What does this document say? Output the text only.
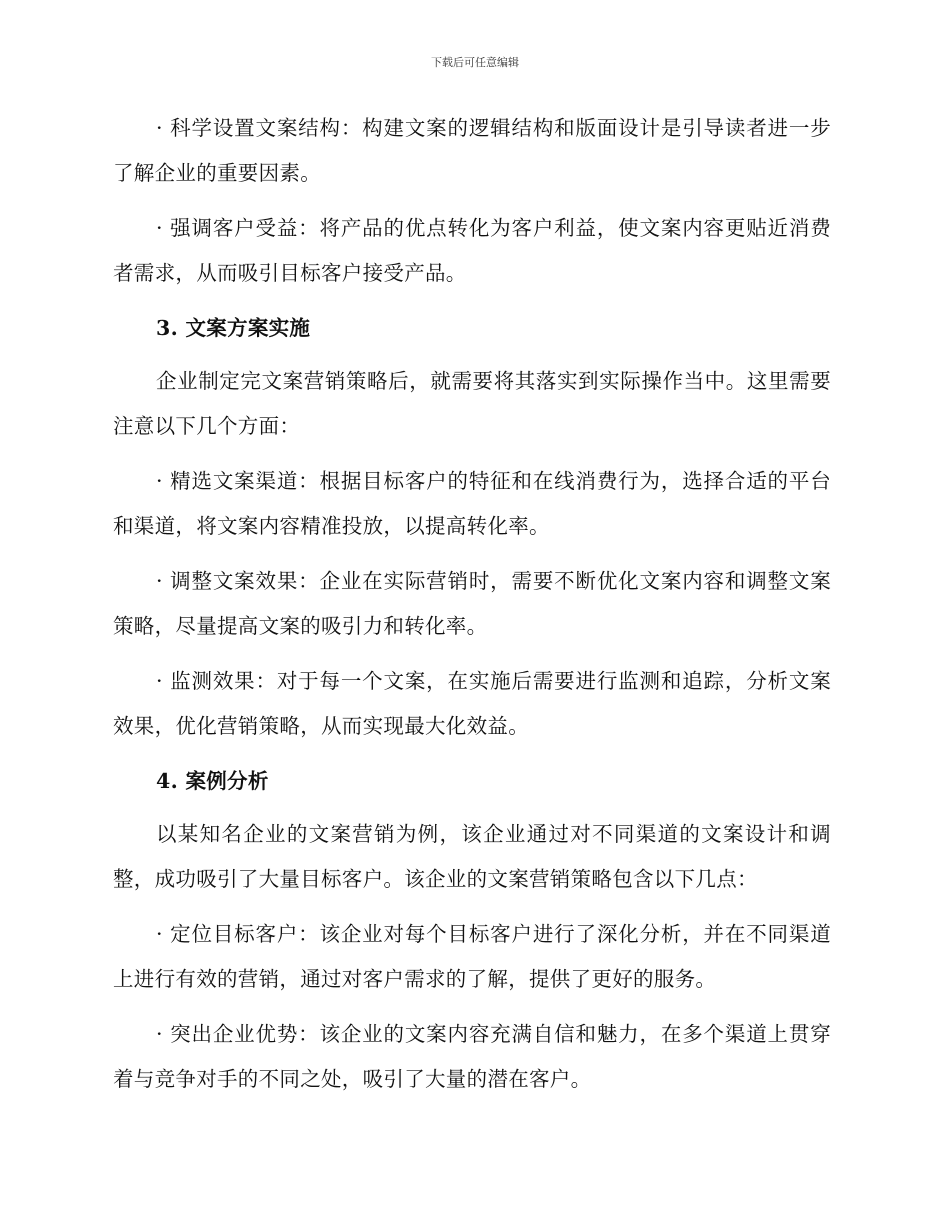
下载后可任意编辑

· 科学设置文案结构：构建文案的逻辑结构和版面设计是引导读者进一步了解企业的重要因素。

· 强调客户受益：将产品的优点转化为客户利益，使文案内容更贴近消费者需求，从而吸引目标客户接受产品。

3. 文案方案实施

企业制定完文案营销策略后，就需要将其落实到实际操作当中。这里需要注意以下几个方面：

· 精选文案渠道：根据目标客户的特征和在线消费行为，选择合适的平台和渠道，将文案内容精准投放，以提高转化率。

· 调整文案效果：企业在实际营销时，需要不断优化文案内容和调整文案策略，尽量提高文案的吸引力和转化率。

· 监测效果：对于每一个文案，在实施后需要进行监测和追踪，分析文案效果，优化营销策略，从而实现最大化效益。

4. 案例分析

以某知名企业的文案营销为例，该企业通过对不同渠道的文案设计和调整，成功吸引了大量目标客户。该企业的文案营销策略包含以下几点：

· 定位目标客户：该企业对每个目标客户进行了深化分析，并在不同渠道上进行有效的营销，通过对客户需求的了解，提供了更好的服务。

· 突出企业优势：该企业的文案内容充满自信和魅力，在多个渠道上贯穿着与竞争对手的不同之处，吸引了大量的潜在客户。
